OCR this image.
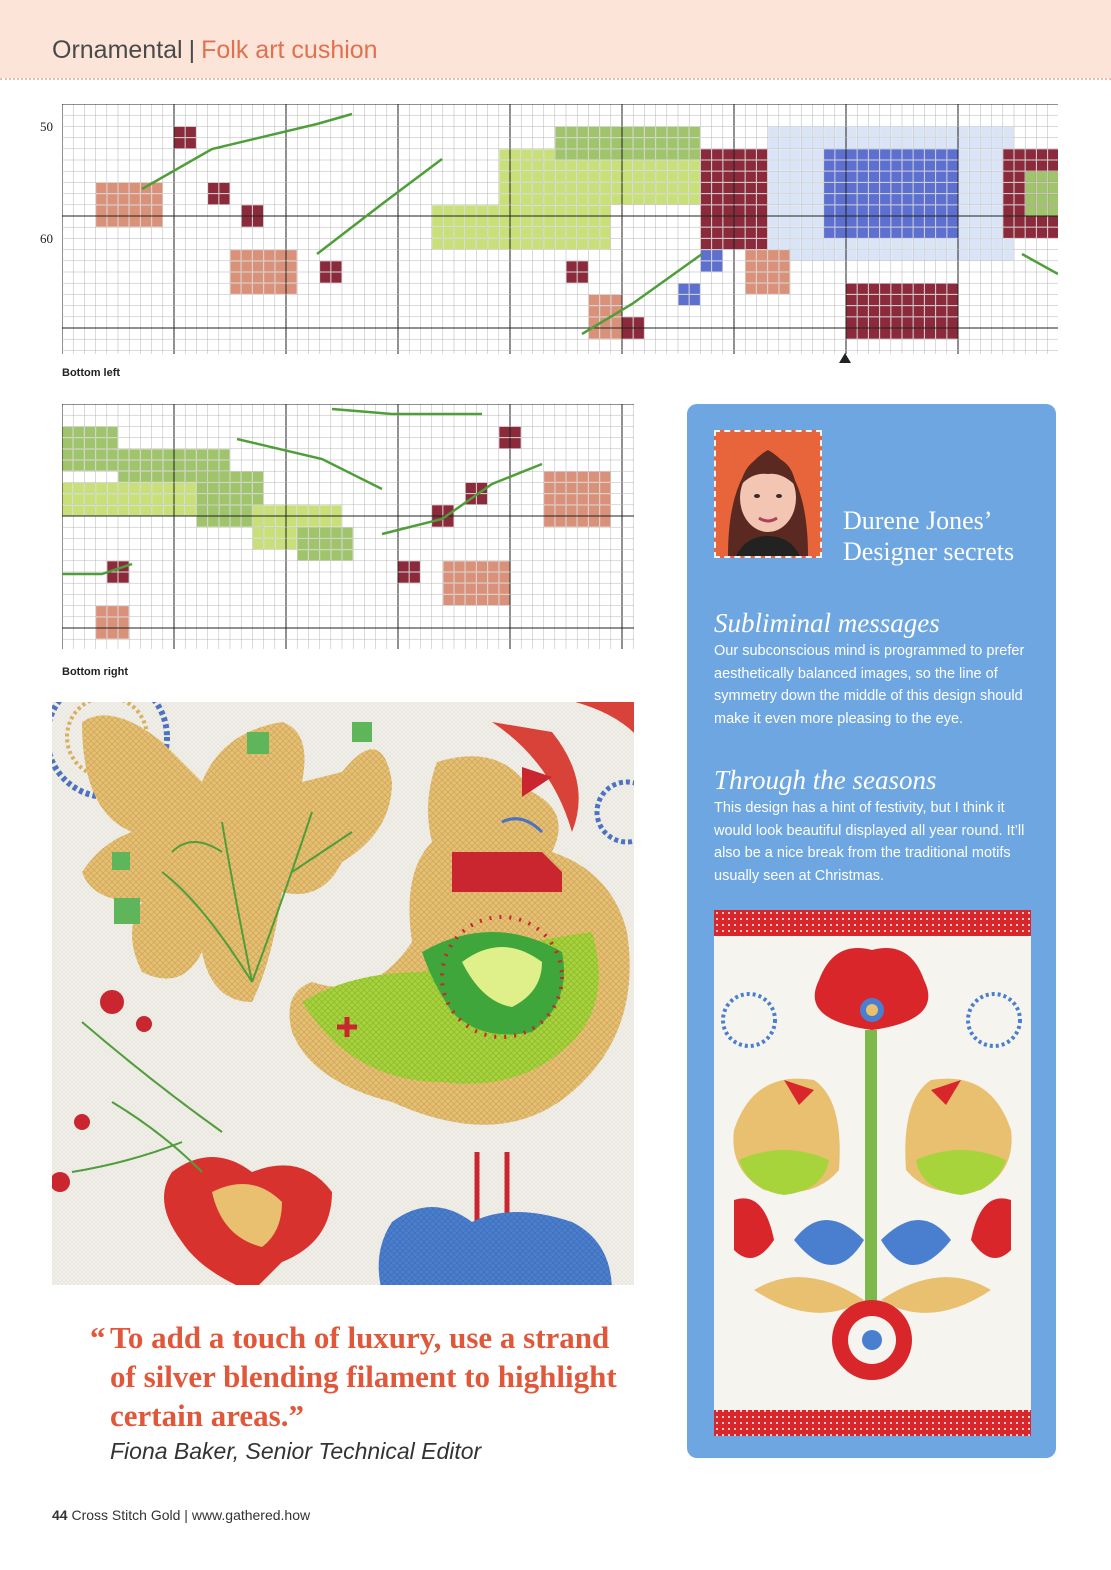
Ornamental | Folk art cushion
50
60
Bottom left
Bottom right
Durene Jones’
Designer secrets
Subliminal messages
Our subconscious mind is programmed to prefer aesthetically balanced images, so the line of symmetry down the middle of this design should make it even more pleasing to the eye.
Through the seasons
This design has a hint of festivity, but I think it would look beautiful displayed all year round. It’ll also be a nice break from the traditional motifs usually seen at Christmas.
“ To add a touch of luxury, use a strand of silver blending filament to highlight certain areas.”
Fiona Baker, Senior Technical Editor
44 Cross Stitch Gold | www.gathered.how
